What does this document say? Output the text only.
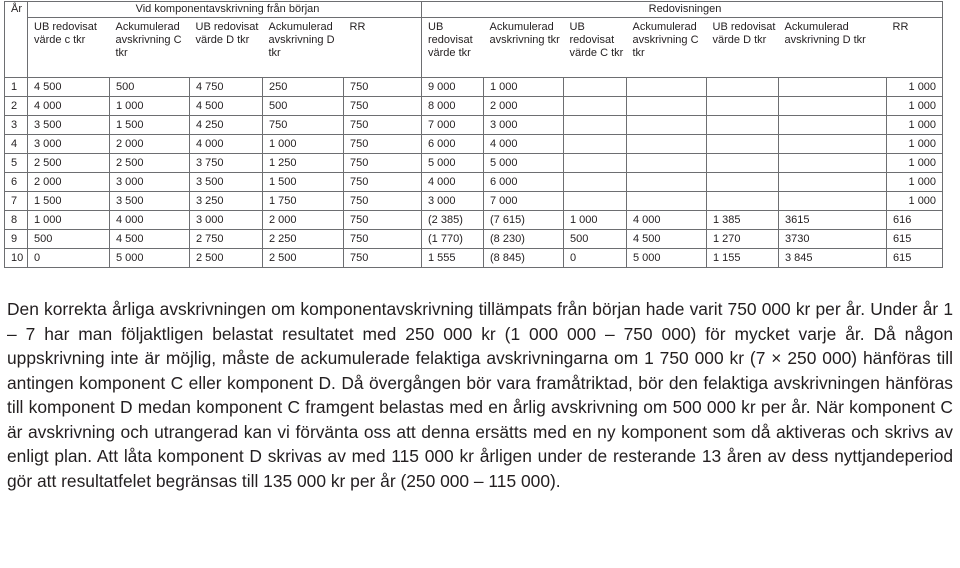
År	Vid komponentavskrivning från början					Redovisningen						
	UB redovisat värde c tkr	Ackumulerad avskrivning C tkr	UB redovisat värde D tkr	Ackumulerad avskrivning D tkr	RR	UB redovisat värde tkr	Ackumulerad avskrivning tkr	UB redovisat värde C tkr	Ackumulerad avskrivning C tkr	UB redovisat värde D tkr	Ackumulerad avskrivning D tkr	RR
1	4 500	500	4 750	250	750	9 000	1 000					1 000
2	4 000	1 000	4 500	500	750	8 000	2 000					1 000
3	3 500	1 500	4 250	750	750	7 000	3 000					1 000
4	3 000	2 000	4 000	1 000	750	6 000	4 000					1 000
5	2 500	2 500	3 750	1 250	750	5 000	5 000					1 000
6	2 000	3 000	3 500	1 500	750	4 000	6 000					1 000
7	1 500	3 500	3 250	1 750	750	3 000	7 000					1 000
8	1 000	4 000	3 000	2 000	750	(2 385)	(7 615)	1 000	4 000	1 385	3615	616
9	500	4 500	2 750	2 250	750	(1 770)	(8 230)	500	4 500	1 270	3730	615
10	0	5 000	2 500	2 500	750	1 555	(8 845)	0	5 000	1 155	3 845	615

Den korrekta årliga avskrivningen om komponentavskrivning tillämpats från början hade varit 750 000 kr per år. Under år 1 – 7 har man följaktligen belastat resultatet med 250 000 kr (1 000 000 – 750 000) för mycket varje år. Då någon uppskrivning inte är möjlig, måste de ackumulerade felaktiga avskrivningarna om 1 750 000 kr (7 × 250 000) hänföras till antingen komponent C eller komponent D. Då övergången bör vara framåtriktad, bör den felaktiga avskrivningen hänföras till komponent D medan komponent C framgent belastas med en årlig avskrivning om 500 000 kr per år. När komponent C är avskrivning och utrangerad kan vi förvänta oss att denna ersätts med en ny komponent som då aktiveras och skrivs av enligt plan. Att låta komponent D skrivas av med 115 000 kr årligen under de resterande 13 åren av dess nyttjandeperiod gör att resultatfelet begränsas till 135 000 kr per år (250 000 – 115 000).
